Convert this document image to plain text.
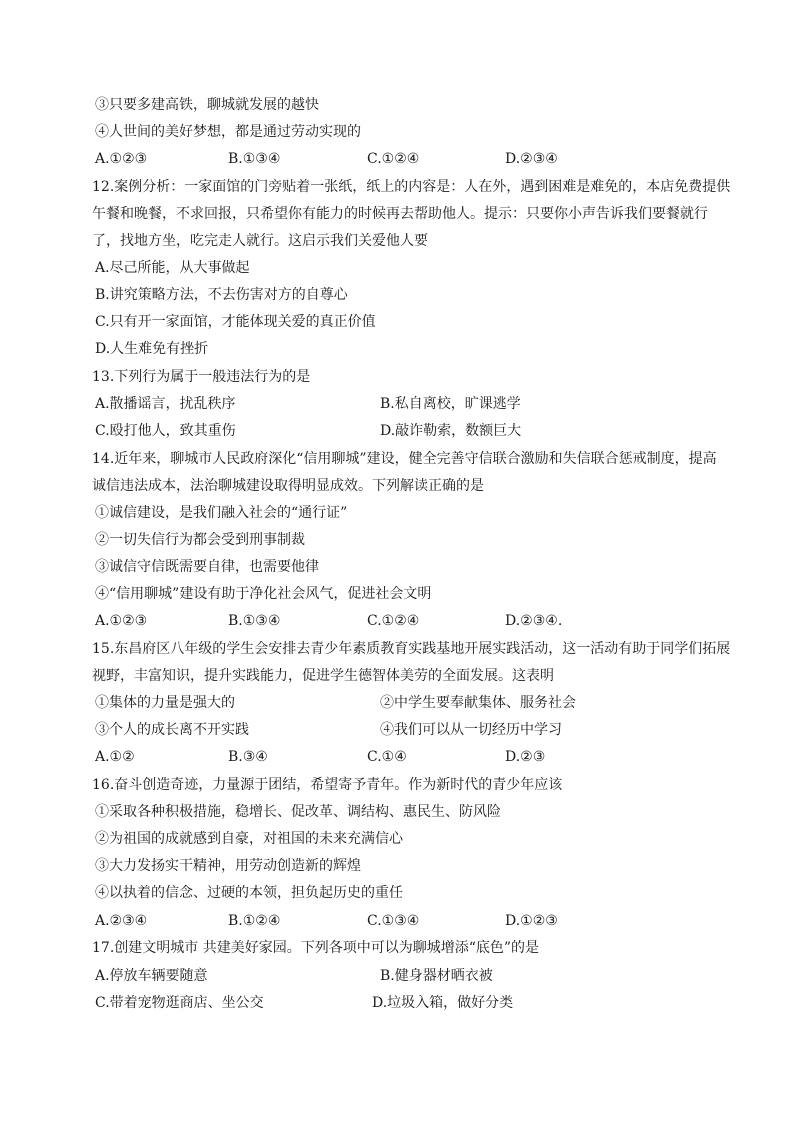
③只要多建高铁，聊城就发展的越快
④人世间的美好梦想，都是通过劳动实现的
A.①②③	B.①③④	C.①②④	D.②③④
12.案例分析：一家面馆的门旁贴着一张纸，纸上的内容是：人在外，遇到困难是难免的，本店免费提供
午餐和晚餐，不求回报，只希望你有能力的时候再去帮助他人。提示：只要你小声告诉我们要餐就行
了，找地方坐，吃完走人就行。这启示我们关爱他人要
A.尽己所能，从大事做起
B.讲究策略方法，不去伤害对方的自尊心
C.只有开一家面馆，才能体现关爱的真正价值
D.人生难免有挫折
13.下列行为属于一般违法行为的是
A.散播谣言，扰乱秩序	B.私自离校，旷课逃学
C.殴打他人，致其重伤	D.敲诈勒索，数额巨大
14.近年来，聊城市人民政府深化“信用聊城”建设，健全完善守信联合激励和失信联合惩戒制度，提高
诚信违法成本，法治聊城建设取得明显成效。下列解读正确的是
①诚信建设，是我们融入社会的“通行证”
②一切失信行为都会受到刑事制裁
③诚信守信既需要自律，也需要他律
④“信用聊城”建设有助于净化社会风气，促进社会文明
A.①②③	B.①③④	C.①②④	D.②③④.
15.东昌府区八年级的学生会安排去青少年素质教育实践基地开展实践活动，这一活动有助于同学们拓展
视野，丰富知识，提升实践能力，促进学生德智体美劳的全面发展。这表明
①集体的力量是强大的	②中学生要奉献集体、服务社会
③个人的成长离不开实践	④我们可以从一切经历中学习
A.①②	B.③④	C.①④	D.②③
16.奋斗创造奇迹，力量源于团结，希望寄予青年。作为新时代的青少年应该
①采取各种积极措施，稳增长、促改革、调结构、惠民生、防风险
②为祖国的成就感到自豪，对祖国的未来充满信心
③大力发扬实干精神，用劳动创造新的辉煌
④以执着的信念、过硬的本领，担负起历史的重任
A.②③④	B.①②④	C.①③④	D.①②③
17.创建文明城市 共建美好家园。下列各项中可以为聊城增添“底色”的是
A.停放车辆要随意	B.健身器材晒衣被
C.带着宠物逛商店、坐公交	D.垃圾入箱，做好分类
